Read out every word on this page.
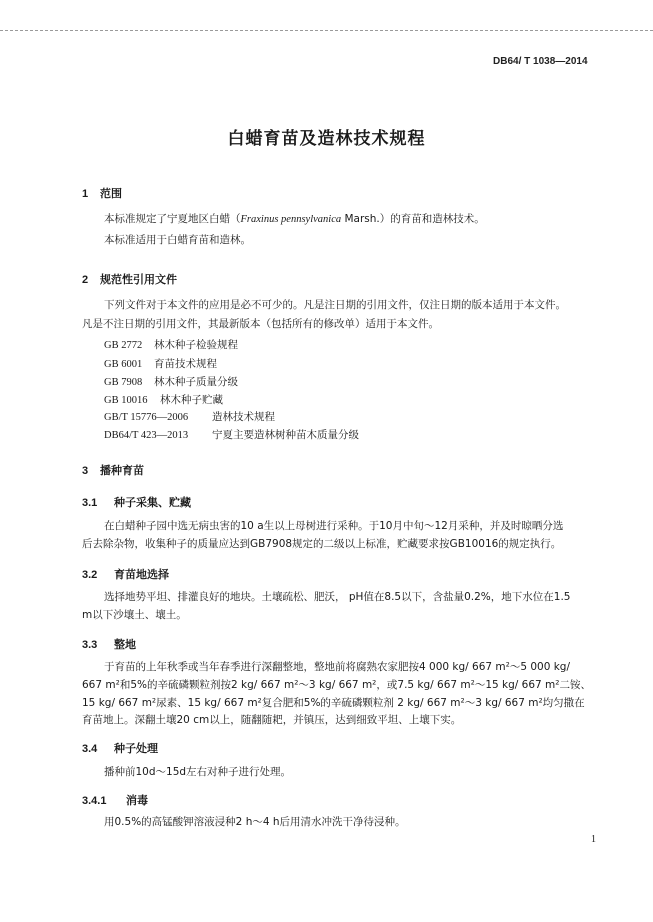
DB64/ T 1038—2014
白蜡育苗及造林技术规程
1 范围
本标准规定了宁夏地区白蜡（Fraxinus pennsylvanica Marsh.）的育苗和造林技术。
本标准适用于白蜡育苗和造林。
2 规范性引用文件
下列文件对于本文件的应用是必不可少的。凡是注日期的引用文件，仅注日期的版本适用于本文件。
凡是不注日期的引用文件，其最新版本（包括所有的修改单）适用于本文件。
GB 2772 林木种子检验规程
GB 6001 育苗技术规程
GB 7908 林木种子质量分级
GB 10016 林木种子贮藏
GB/T 15776—2006 造林技术规程
DB64/T 423—2013 宁夏主要造林树种苗木质量分级
3 播种育苗
3.1 种子采集、贮藏
在白蜡种子园中选无病虫害的10 a生以上母树进行采种。于10月中旬～12月采种，并及时晾晒分选
后去除杂物，收集种子的质量应达到GB7908规定的二级以上标准，贮藏要求按GB10016的规定执行。
3.2 育苗地选择
选择地势平坦、排灌良好的地块。土壤疏松、肥沃， pH值在8.5以下，含盐量0.2%，地下水位在1.5
m以下沙壤土、壤土。
3.3 整地
于育苗的上年秋季或当年春季进行深翻整地，整地前将腐熟农家肥按4 000 kg/ 667 m²～5 000 kg/
667 m²和5%的辛硫磷颗粒剂按2 kg/ 667 m²～3 kg/ 667 m²，或7.5 kg/ 667 m²～15 kg/ 667 m²二铵、
15 kg/ 667 m²尿素、15 kg/ 667 m²复合肥和5%的辛硫磷颗粒剂 2 kg/ 667 m²～3 kg/ 667 m²均匀撒在
育苗地上。深翻土壤20 cm以上，随翻随耙，并镇压，达到细致平坦、上壤下实。
3.4 种子处理
播种前10d～15d左右对种子进行处理。
3.4.1 消毒
用0.5%的高锰酸钾溶液浸种2 h～4 h后用清水冲洗干净待浸种。
1
